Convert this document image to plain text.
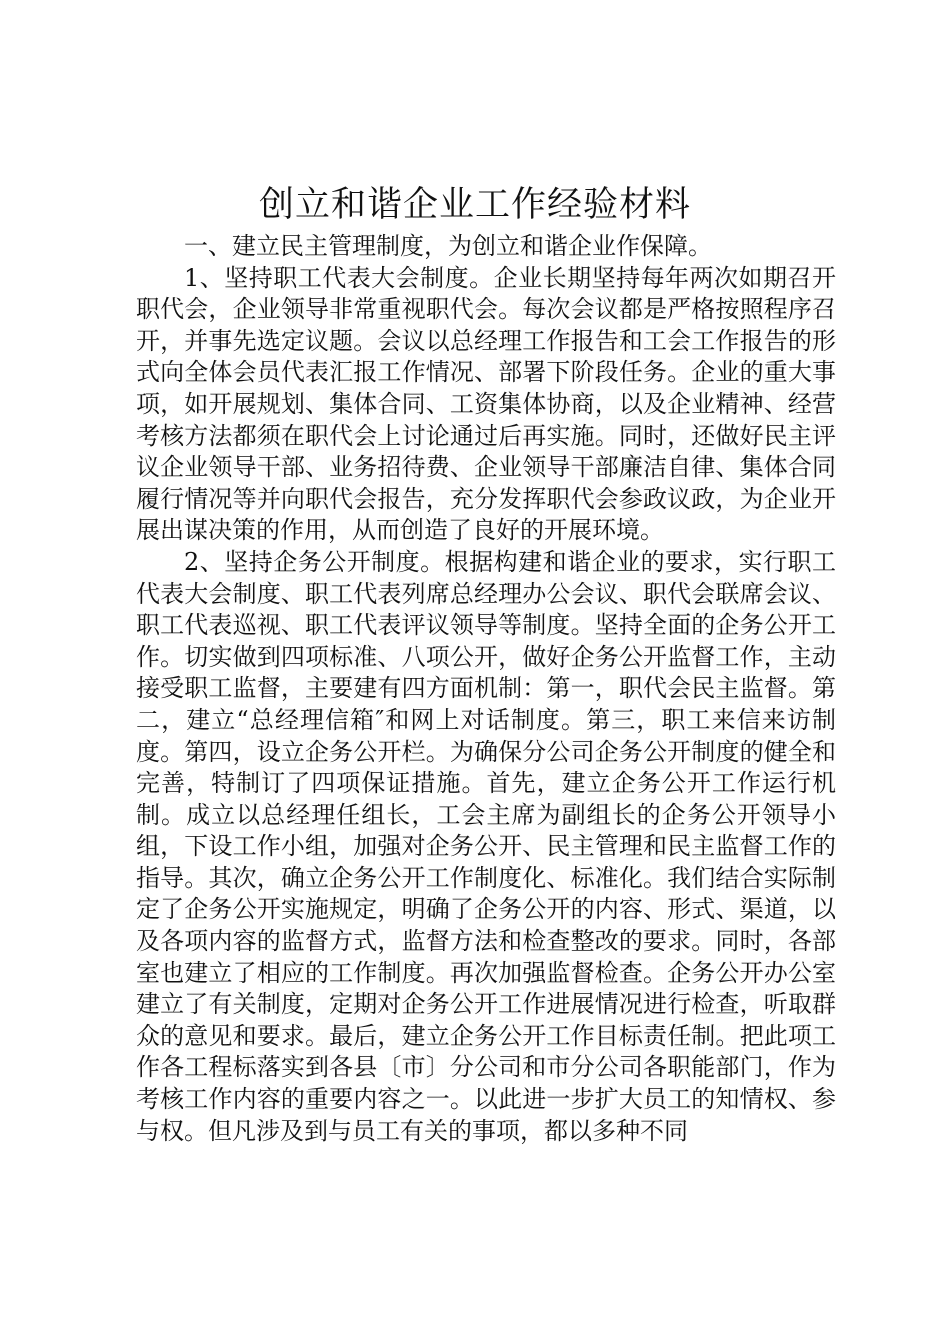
创立和谐企业工作经验材料

一、建立民主管理制度，为创立和谐企业作保障。

1、坚持职工代表大会制度。企业长期坚持每年两次如期召开职代会，企业领导非常重视职代会。每次会议都是严格按照程序召开，并事先选定议题。会议以总经理工作报告和工会工作报告的形式向全体会员代表汇报工作情况、部署下阶段任务。企业的重大事项，如开展规划、集体合同、工资集体协商，以及企业精神、经营考核方法都须在职代会上讨论通过后再实施。同时，还做好民主评议企业领导干部、业务招待费、企业领导干部廉洁自律、集体合同履行情况等并向职代会报告，充分发挥职代会参政议政，为企业开展出谋决策的作用，从而创造了良好的开展环境。

2、坚持企务公开制度。根据构建和谐企业的要求，实行职工代表大会制度、职工代表列席总经理办公会议、职代会联席会议、职工代表巡视、职工代表评议领导等制度。坚持全面的企务公开工作。切实做到四项标准、八项公开，做好企务公开监督工作，主动接受职工监督，主要建有四方面机制：第一，职代会民主监督。第二，建立“总经理信箱″和网上对话制度。第三，职工来信来访制度。第四，设立企务公开栏。为确保分公司企务公开制度的健全和完善，特制订了四项保证措施。首先，建立企务公开工作运行机制。成立以总经理任组长，工会主席为副组长的企务公开领导小组，下设工作小组，加强对企务公开、民主管理和民主监督工作的指导。其次，确立企务公开工作制度化、标准化。我们结合实际制定了企务公开实施规定，明确了企务公开的内容、形式、渠道，以及各项内容的监督方式，监督方法和检查整改的要求。同时，各部室也建立了相应的工作制度。再次加强监督检查。企务公开办公室建立了有关制度，定期对企务公开工作进展情况进行检查，听取群众的意见和要求。最后，建立企务公开工作目标责任制。把此项工作各工程标落实到各县〔市〕分公司和市分公司各职能部门，作为考核工作内容的重要内容之一。以此进一步扩大员工的知情权、参与权。但凡涉及到与员工有关的事项，都以多种不同
